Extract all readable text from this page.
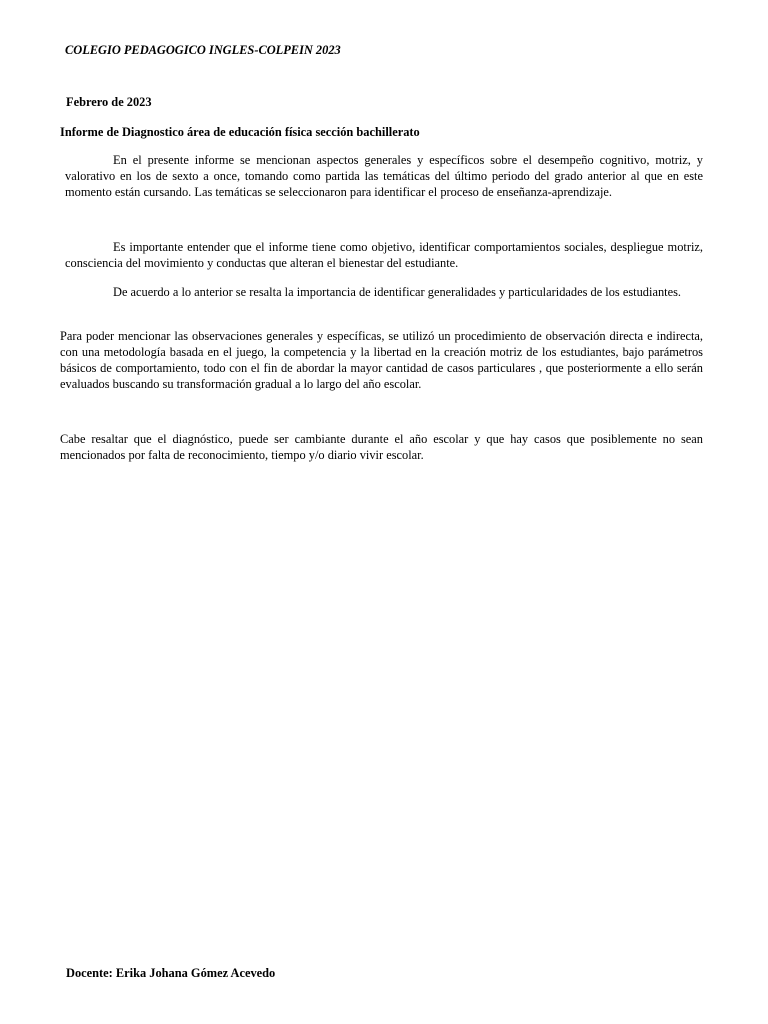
COLEGIO PEDAGOGICO INGLES-COLPEIN 2023
Febrero de 2023
Informe de Diagnostico área de educación física sección bachillerato

En el presente informe se mencionan aspectos generales y específicos sobre el desempeño cognitivo, motriz, y valorativo en los de sexto a once, tomando como partida las temáticas del último periodo del grado anterior al que en este momento están cursando. Las temáticas se seleccionaron para identificar el proceso de enseñanza-aprendizaje.

Es importante entender que el informe tiene como objetivo, identificar comportamientos sociales, despliegue motriz, consciencia del movimiento y conductas que alteran el bienestar del estudiante.

De acuerdo a lo anterior se resalta la importancia de identificar generalidades y particularidades de los estudiantes.

Para poder mencionar las observaciones generales y específicas, se utilizó un procedimiento de observación directa e indirecta, con una metodología basada en el juego, la competencia y la libertad en la creación motriz de los estudiantes, bajo parámetros básicos de comportamiento, todo con el fin de abordar la mayor cantidad de casos particulares , que posteriormente a ello serán evaluados buscando su transformación gradual a lo largo del año escolar.

Cabe resaltar que el diagnóstico, puede ser cambiante durante el año escolar y que hay casos que posiblemente no sean mencionados por falta de reconocimiento, tiempo y/o diario vivir escolar.

Docente: Erika Johana Gómez Acevedo
